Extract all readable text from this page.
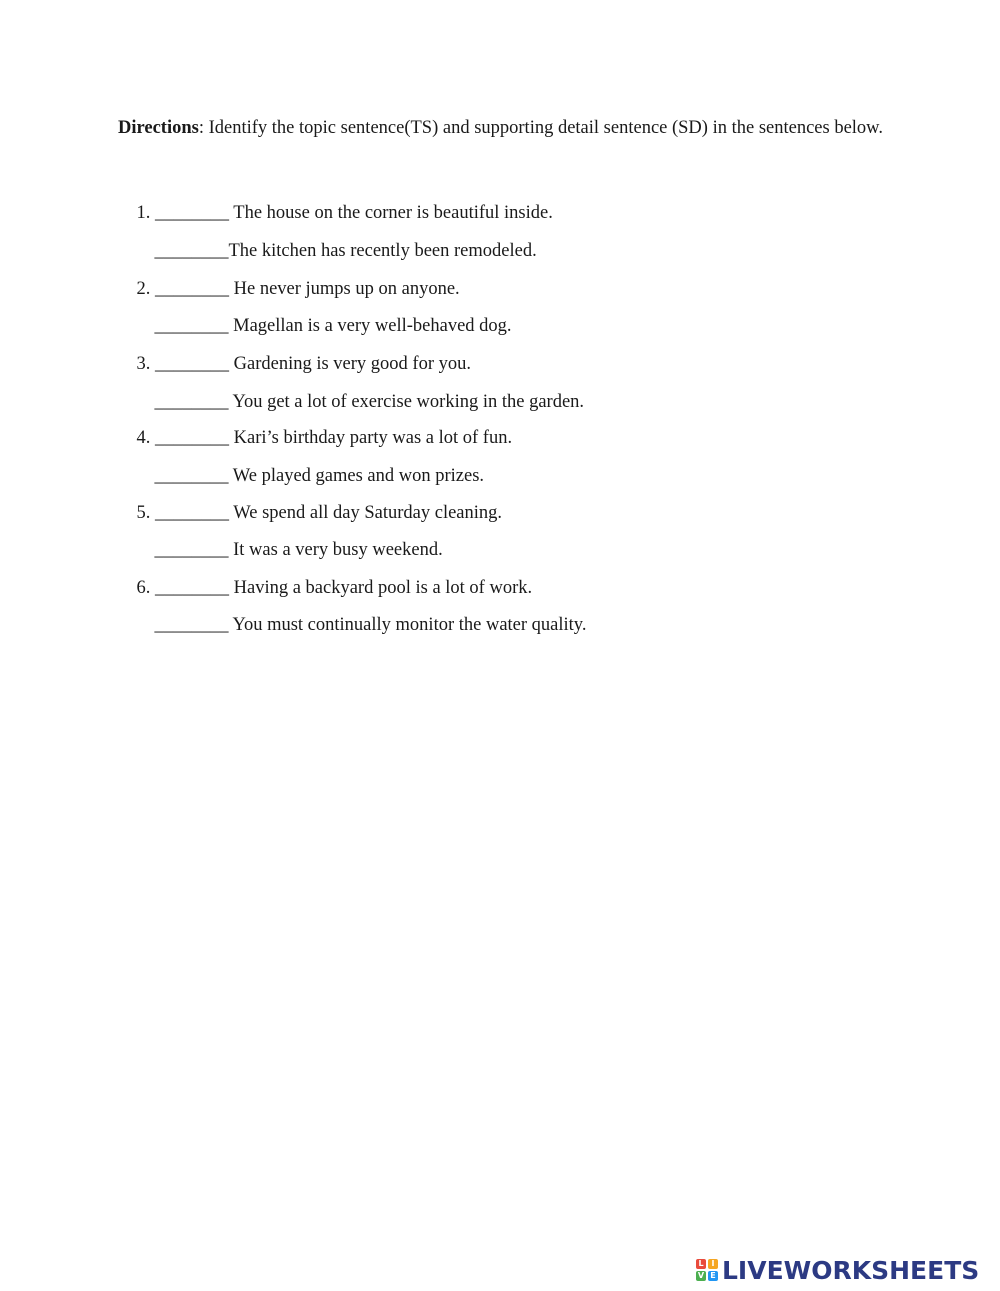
Directions: Identify the topic sentence(TS) and supporting detail sentence (SD) in the sentences below.

1. ________ The house on the corner is beautiful inside.

________The kitchen has recently been remodeled.

2. ________ He never jumps up on anyone.

________ Magellan is a very well-behaved dog.

3. ________ Gardening is very good for you.

________ You get a lot of exercise working in the garden.

4. ________ Kari’s birthday party was a lot of fun.

________ We played games and won prizes.

5. ________ We spend all day Saturday cleaning.

________ It was a very busy weekend.

6. ________ Having a backyard pool is a lot of work.

________ You must continually monitor the water quality.

L I
V E LIVEWORKSHEETS
